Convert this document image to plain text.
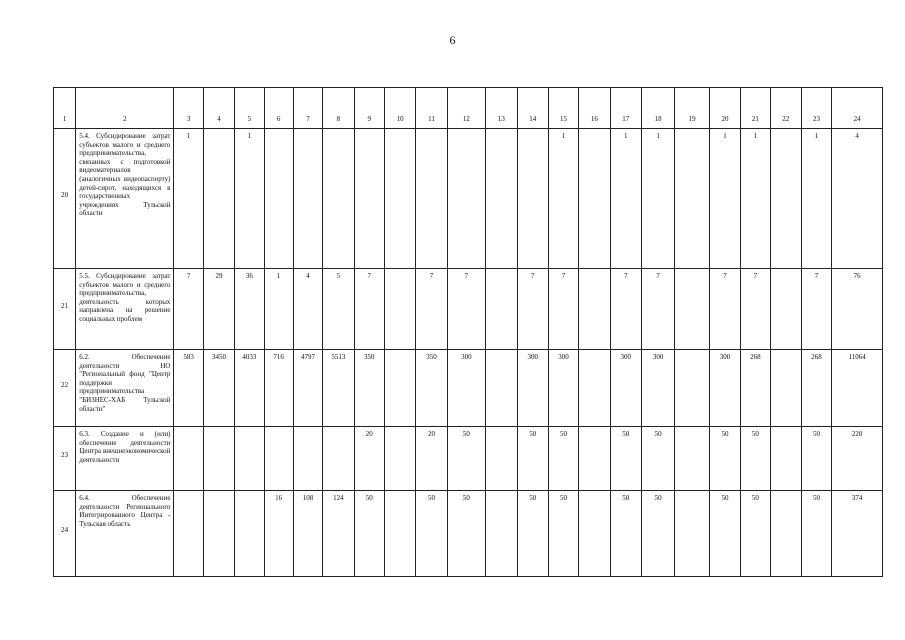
6
1	2	3	4	5	6	7	8	9	10	11	12	13	14	15	16	17	18	19	20	21	22	23	24
20	5.4. Субсидирование затрат субъектов малого и среднего предпринимательства, связанных с подготовкой видеоматериалов (аналогичных видеопаспорту) детей-сирот, находящихся в государственных учреждениях Тульской области	1		1										1		1	1		1	1		1	4
21	5.5. Субсидирование затрат субъектов малого и среднего предпринимательства, деятельность которых направлена на решение социальных проблем	7	29	36	1	4	5	7		7	7		7	7		7	7		7	7		7	76
22	6.2. Обеспечение деятельности НО "Региональный фонд "Центр поддержки предпринимательства "БИЗНЕС-ХАБ Тульской области"	583	3450	4033	716	4797	5513	350		350	300		300	300		300	300		300	268		268	11064
23	6.3. Создание и (или) обеспечение деятельности Центра внешнеэкономической деятельности							20		20	50		50	50		50	50		50	50		50	220
24	6.4. Обеспечение деятельности Регионального Интегрированного Центра - Тульская область				16	108	124	50		50	50		50	50		50	50		50	50		50	374
